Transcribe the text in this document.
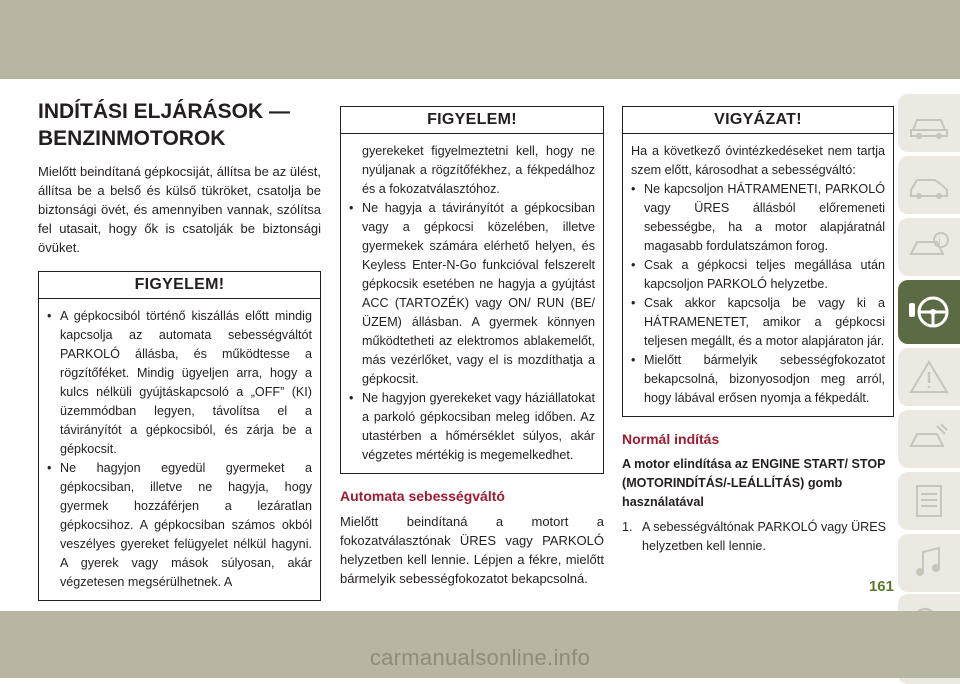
INDÍTÁSI ELJÁRÁSOK —
BENZINMOTOROK

Mielőtt beindítaná gépkocsiját, állítsa be az ülést, állítsa be a belső és külső tükröket, csatolja be biztonsági övét, és amennyiben vannak, szólítsa fel utasait, hogy ők is csatolják be biztonsági övüket.

FIGYELEM!
• A gépkocsiból történő kiszállás előtt mindig kapcsolja az automata sebességváltót PARKOLÓ állásba, és működtesse a rögzítőféket. Mindig ügyeljen arra, hogy a kulcs nélküli gyújtáskapcsoló a „OFF” (KI) üzemmódban legyen, távolítsa el a távirányítót a gépkocsiból, és zárja be a gépkocsit.
• Ne hagyjon egyedül gyermeket a gépkocsiban, illetve ne hagyja, hogy gyermek hozzáférjen a lezáratlan gépkocsihoz. A gépkocsiban számos okból veszélyes gyereket felügyelet nélkül hagyni. A gyerek vagy mások súlyosan, akár végzetesen megsérülhetnek. A
FIGYELEM!
gyerekeket figyelmeztetni kell, hogy ne nyúljanak a rögzítőfékhez, a fékpedálhoz és a fokozatválasztóhoz.
• Ne hagyja a távirányítót a gépkocsiban vagy a gépkocsi közelében, illetve gyermekek számára elérhető helyen, és Keyless Enter-N-Go funkcióval felszerelt gépkocsik esetében ne hagyja a gyújtást ACC (TARTOZÉK) vagy ON/ RUN (BE/ÜZEM) állásban. A gyermek könnyen működtetheti az elektromos ablakemelőt, más vezérlőket, vagy el is mozdíthatja a gépkocsit.
• Ne hagyjon gyerekeket vagy háziállatokat a parkoló gépkocsiban meleg időben. Az utastérben a hőmérséklet súlyos, akár végzetes mértékig is megemelkedhet.
Automata sebességváltó

Mielőtt beindítaná a motort a fokozatválasztónak ÜRES vagy PARKOLÓ helyzetben kell lennie. Lépjen a fékre, mielőtt bármelyik sebességfokozatot bekapcsolná.

VIGYÁZAT!
Ha a következő óvintézkedéseket nem tartja szem előtt, károsodhat a sebességváltó:
• Ne kapcsoljon HÁTRAMENETI, PARKOLÓ vagy ÜRES állásból előremeneti sebességbe, ha a motor alapjáratnál magasabb fordulatszámon forog.
• Csak a gépkocsi teljes megállása után kapcsoljon PARKOLÓ helyzetbe.
• Csak akkor kapcsolja be vagy ki a HÁTRAMENETET, amikor a gépkocsi teljesen megállt, és a motor alapjáraton jár.
• Mielőtt bármelyik sebességfokozatot bekapcsolná, bizonyosodjon meg arról, hogy lábával erősen nyomja a fékpedált.
Normál indítás
A motor elindítása az ENGINE START/ STOP (MOTORINDÍTÁS/-LEÁLLÍTÁS) gomb használatával
1. A sebességváltónak PARKOLÓ vagy ÜRES helyzetben kell lennie.
i
161
carmanualsonline.info
